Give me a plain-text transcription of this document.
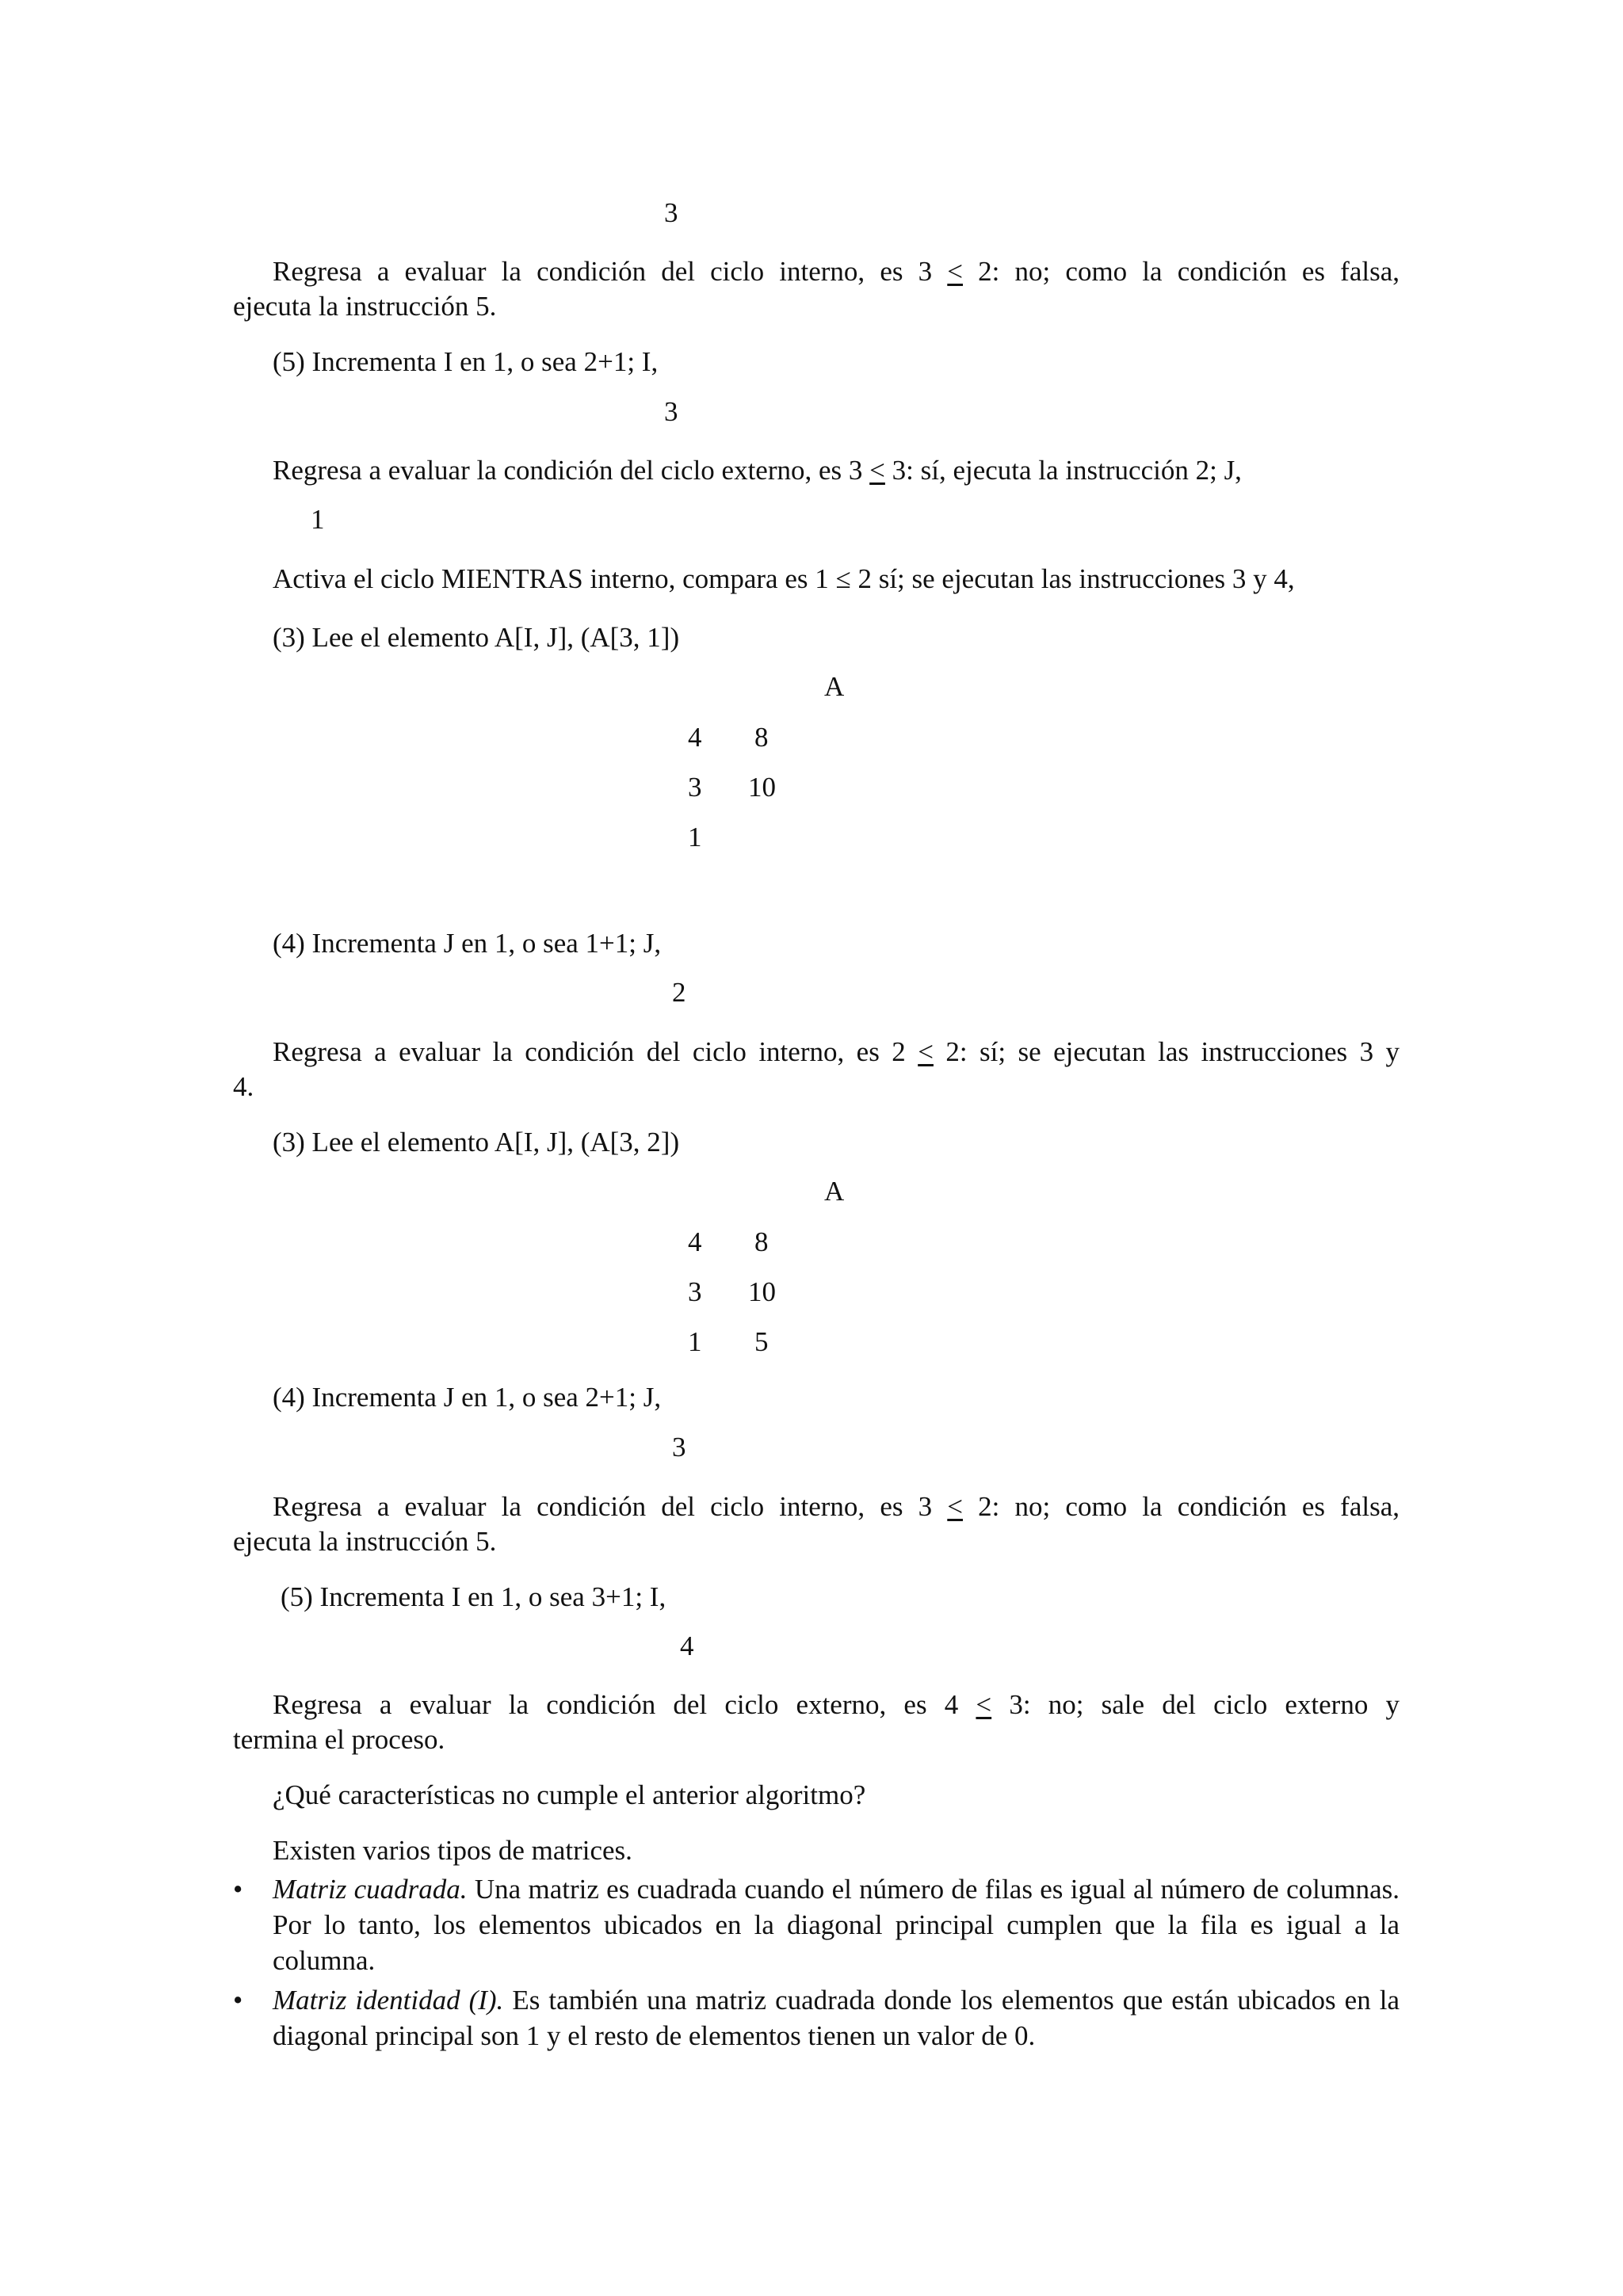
3
Regresa a evaluar la condición del ciclo interno, es 3 < 2: no; como la condición es falsa,
ejecuta la instrucción 5.
(5) Incrementa I en 1, o sea 2+1; I,
3
Regresa a evaluar la condición del ciclo externo, es 3 < 3: sí, ejecuta la instrucción 2; J,
1
Activa el ciclo MIENTRAS interno, compara es 1 ≤ 2 sí; se ejecutan las instrucciones 3 y 4,
(3) Lee el elemento A[I, J], (A[3, 1])
A
4 8
3 10
1
(4) Incrementa J en 1, o sea 1+1; J,
2
Regresa a evaluar la condición del ciclo interno, es 2 < 2: sí; se ejecutan las instrucciones 3 y
4.
(3) Lee el elemento A[I, J], (A[3, 2])
A
4 8
3 10
1 5
(4) Incrementa J en 1, o sea 2+1; J,
3
Regresa a evaluar la condición del ciclo interno, es 3 < 2: no; como la condición es falsa,
ejecuta la instrucción 5.
(5) Incrementa I en 1, o sea 3+1; I,
4
Regresa a evaluar la condición del ciclo externo, es 4 < 3: no; sale del ciclo externo y
termina el proceso.
¿Qué características no cumple el anterior algoritmo?
Existen varios tipos de matrices.
• Matriz cuadrada. Una matriz es cuadrada cuando el número de filas es igual al número de columnas. Por lo tanto, los elementos ubicados en la diagonal principal cumplen que la fila es igual a la columna.
• Matriz identidad (I). Es también una matriz cuadrada donde los elementos que están ubicados en la diagonal principal son 1 y el resto de elementos tienen un valor de 0.
